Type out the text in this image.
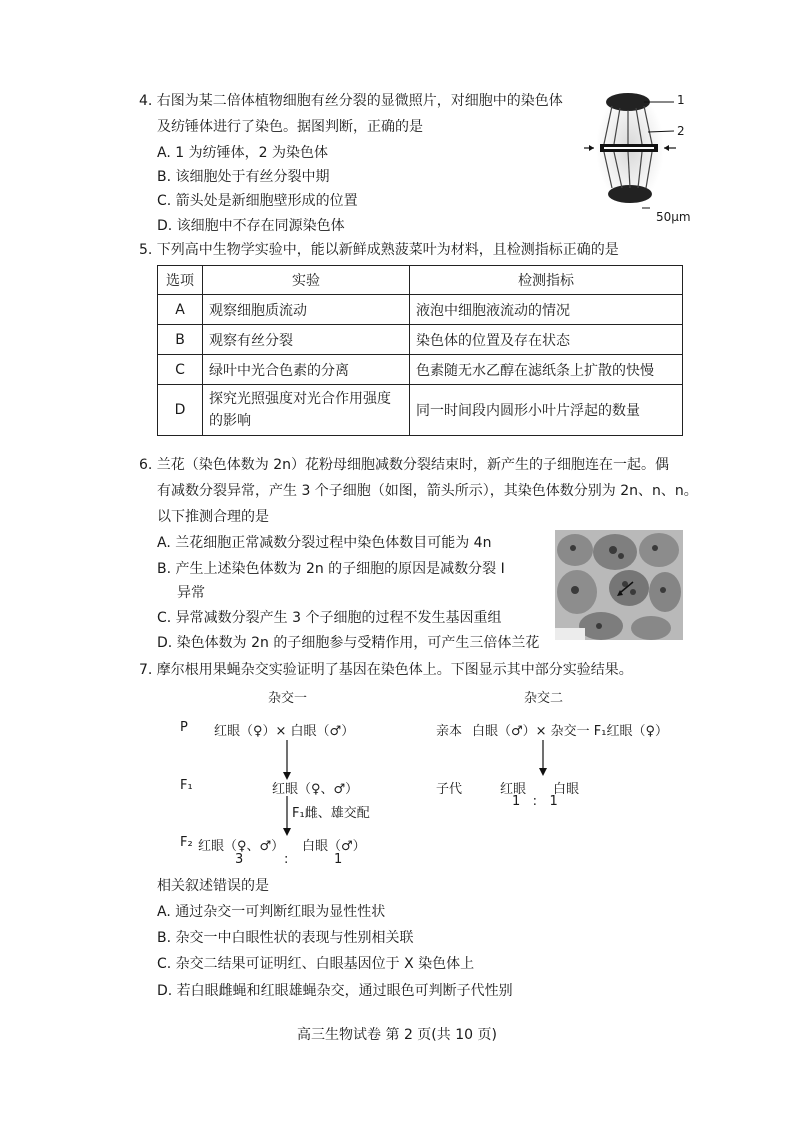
4. 右图为某二倍体植物细胞有丝分裂的显微照片，对细胞中的染色体
及纺锤体进行了染色。据图判断，正确的是
A. 1 为纺锤体，2 为染色体
B. 该细胞处于有丝分裂中期
C. 箭头处是新细胞壁形成的位置
D. 该细胞中不存在同源染色体
1
2
50μm
5. 下列高中生物学实验中，能以新鲜成熟菠菜叶为材料，且检测指标正确的是
选项	实验	检测指标
A	观察细胞质流动	液泡中细胞液流动的情况
B	观察有丝分裂	染色体的位置及存在状态
C	绿叶中光合色素的分离	色素随无水乙醇在滤纸条上扩散的快慢
D	探究光照强度对光合作用强度的影响	同一时间段内圆形小叶片浮起的数量
6. 兰花（染色体数为 2n）花粉母细胞减数分裂结束时，新产生的子细胞连在一起。偶
有减数分裂异常，产生 3 个子细胞（如图，箭头所示），其染色体数分别为 2n、n、n。
以下推测合理的是
A. 兰花细胞正常减数分裂过程中染色体数目可能为 4n
B. 产生上述染色体数为 2n 的子细胞的原因是减数分裂 Ⅰ
异常
C. 异常减数分裂产生 3 个子细胞的过程不发生基因重组
D. 染色体数为 2n 的子细胞参与受精作用，可产生三倍体兰花
7. 摩尔根用果蝇杂交实验证明了基因在染色体上。下图显示其中部分实验结果。
杂交一
P 红眼（♀）× 白眼（♂）
F₁	红眼（♀、♂）
F₁雌、雄交配
F₂ 红眼（♀、♂） 白眼（♂）
3	:	1
杂交二
亲本 白眼（♂）× 杂交一 F₁红眼（♀）
子代	红眼 白眼
1   :   1
相关叙述错误的是
A. 通过杂交一可判断红眼为显性性状
B. 杂交一中白眼性状的表现与性别相关联
C. 杂交二结果可证明红、白眼基因位于 X 染色体上
D. 若白眼雌蝇和红眼雄蝇杂交，通过眼色可判断子代性别
高三生物试卷 第 2 页(共 10 页)
